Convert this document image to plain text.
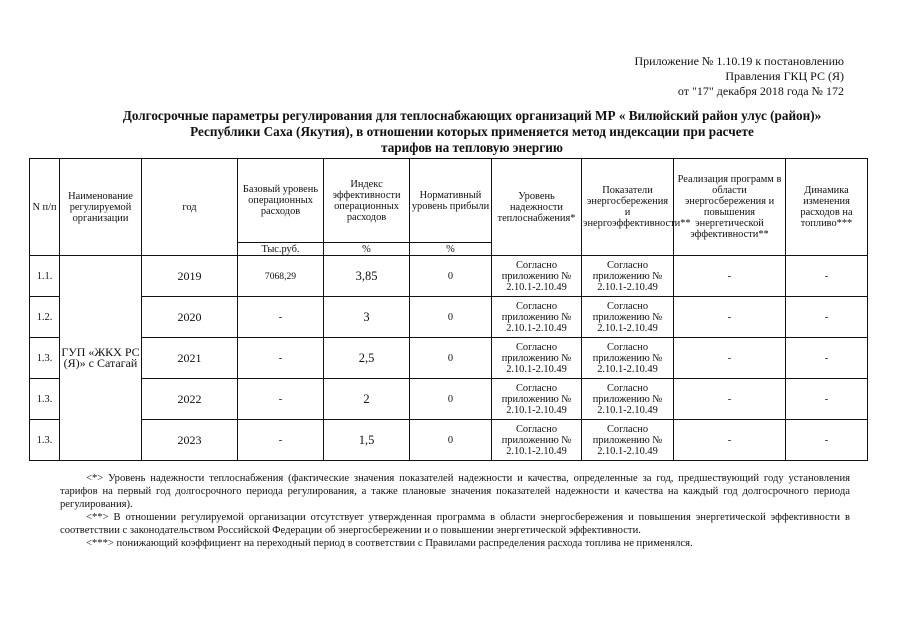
Приложение № 1.10.19 к постановлению
Правления ГКЦ РС (Я)
от "17" декабря 2018 года № 172
Долгосрочные параметры регулирования для теплоснабжающих организаций МР « Вилюйский район улус (район)»
Республики Саха (Якутия), в отношении которых применяется метод индексации при расчете
тарифов на тепловую энергию
N п/п	Наименование регулируемой организации	год	Базовый уровень операционных расходов	Индекс эффективности операционных расходов	Нормативный уровень прибыли	Уровень надежности теплоснабжения*	Показатели энергосбережения и энергоэффективности**	Реализация программ в области энергосбережения и повышения энергетической эффективности**	Динамика изменения расходов на топливо***
			Тыс.руб.	%	%				
1.1.	ГУП «ЖКХ РС (Я)» с Сатагай	2019	7068,29	3,85	0	Согласно приложению № 2.10.1-2.10.49	Согласно приложению № 2.10.1-2.10.49	-	-
1.2.		2020	-	3	0	Согласно приложению № 2.10.1-2.10.49	Согласно приложению № 2.10.1-2.10.49	-	-
1.3.		2021	-	2,5	0	Согласно приложению № 2.10.1-2.10.49	Согласно приложению № 2.10.1-2.10.49	-	-
1.3.		2022	-	2	0	Согласно приложению № 2.10.1-2.10.49	Согласно приложению № 2.10.1-2.10.49	-	-
1.3.		2023	-	1,5	0	Согласно приложению № 2.10.1-2.10.49	Согласно приложению № 2.10.1-2.10.49	-	-

<*> Уровень надежности теплоснабжения (фактические значения показателей надежности и качества, определенные за год, предшествующий году установления тарифов на первый год долгосрочного периода регулирования, а также плановые значения показателей надежности и качества на каждый год долгосрочного периода регулирования).

<**> В отношении регулируемой организации отсутствует утвержденная программа в области энергосбережения и повышения энергетической эффективности в соответствии с законодательством Российской Федерации об энергосбережении и о повышении энергетической эффективности.

<***> понижающий коэффициент на переходный период в соответствии с Правилами распределения расхода топлива не применялся.
